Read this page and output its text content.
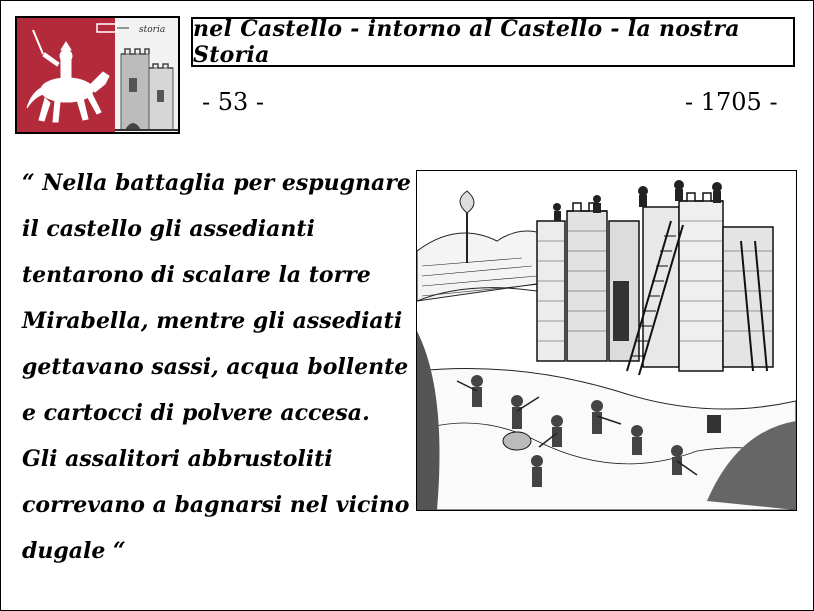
storia nel Castello - intorno al Castello - la nostra Storia
- 53 -	- 1705 -
“ Nella battaglia per espugnare
il castello gli assedianti
tentarono di scalare la torre
Mirabella, mentre gli assediati
gettavano sassi, acqua bollente
e cartocci di polvere accesa.
Gli assalitori abbrustoliti
correvano a bagnarsi nel vicino
dugale “
